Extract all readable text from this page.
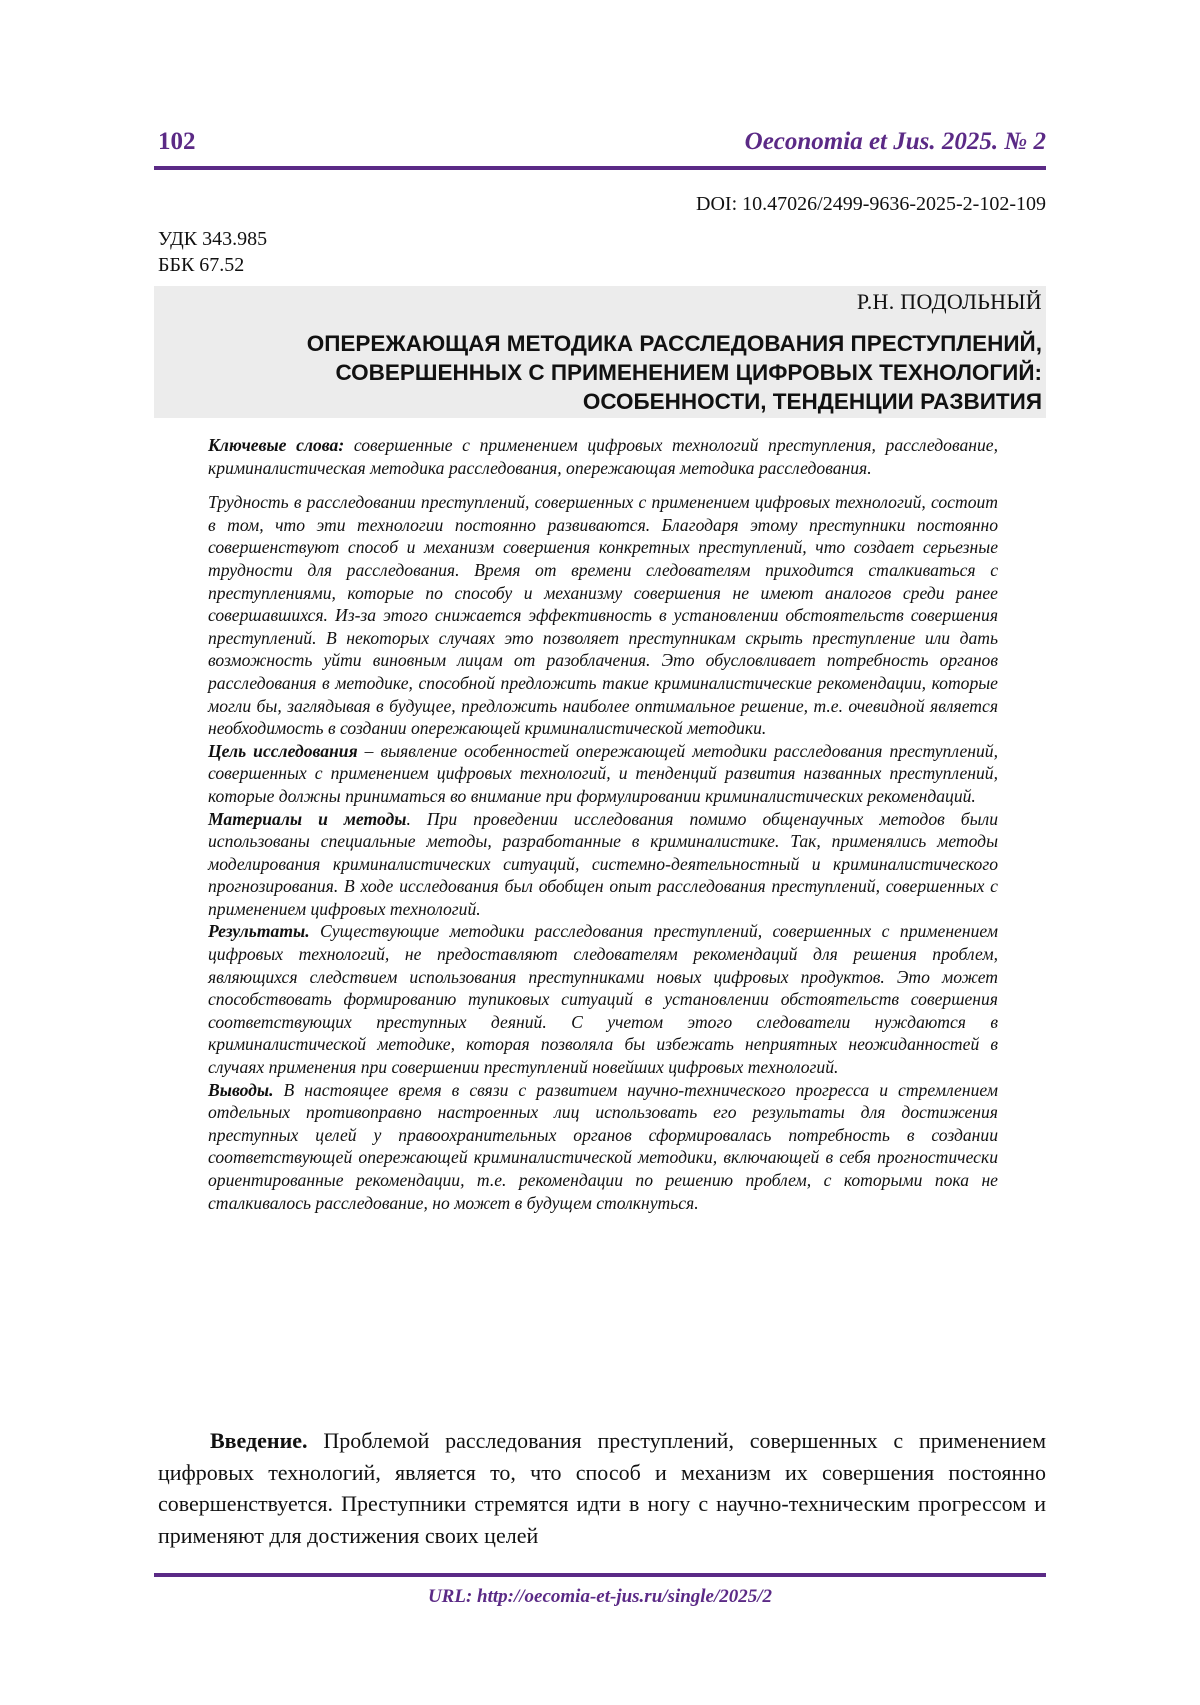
102	Oeconomia et Jus. 2025. № 2
DOI: 10.47026/2499-9636-2025-2-102-109
УДК 343.985
ББК 67.52
Р.Н. ПОДОЛЬНЫЙ
ОПЕРЕЖАЮЩАЯ МЕТОДИКА РАССЛЕДОВАНИЯ ПРЕСТУПЛЕНИЙ,
СОВЕРШЕННЫХ С ПРИМЕНЕНИЕМ ЦИФРОВЫХ ТЕХНОЛОГИЙ:
ОСОБЕННОСТИ, ТЕНДЕНЦИИ РАЗВИТИЯ

Ключевые слова: совершенные с применением цифровых технологий преступления, расследование, криминалистическая методика расследования, опережающая методика расследования.

Трудность в расследовании преступлений, совершенных с применением цифровых технологий, состоит в том, что эти технологии постоянно развиваются. Благодаря этому преступники постоянно совершенствуют способ и механизм совершения конкретных преступлений, что создает серьезные трудности для расследования. Время от времени следователям приходится сталкиваться с преступлениями, которые по способу и механизму совершения не имеют аналогов среди ранее совершавшихся. Из-за этого снижается эффективность в установлении обстоятельств совершения преступлений. В некоторых случаях это позволяет преступникам скрыть преступление или дать возможность уйти виновным лицам от разоблачения. Это обусловливает потребность органов расследования в методике, способной предложить такие криминалистические рекомендации, которые могли бы, заглядывая в будущее, предложить наиболее оптимальное решение, т.е. очевидной является необходимость в создании опережающей криминалистической методики.

Цель исследования – выявление особенностей опережающей методики расследования преступлений, совершенных с применением цифровых технологий, и тенденций развития названных преступлений, которые должны приниматься во внимание при формулировании криминалистических рекомендаций.

Материалы и методы. При проведении исследования помимо общенаучных методов были использованы специальные методы, разработанные в криминалистике. Так, применялись методы моделирования криминалистических ситуаций, системно-деятельностный и криминалистического прогнозирования. В ходе исследования был обобщен опыт расследования преступлений, совершенных с применением цифровых технологий.

Результаты. Существующие методики расследования преступлений, совершенных с применением цифровых технологий, не предоставляют следователям рекомендаций для решения проблем, являющихся следствием использования преступниками новых цифровых продуктов. Это может способствовать формированию тупиковых ситуаций в установлении обстоятельств совершения соответствующих преступных деяний. С учетом этого следователи нуждаются в криминалистической методике, которая позволяла бы избежать неприятных неожиданностей в случаях применения при совершении преступлений новейших цифровых технологий.

Выводы. В настоящее время в связи с развитием научно-технического прогресса и стремлением отдельных противоправно настроенных лиц использовать его результаты для достижения преступных целей у правоохранительных органов сформировалась потребность в создании соответствующей опережающей криминалистической методики, включающей в себя прогностически ориентированные рекомендации, т.е. рекомендации по решению проблем, с которыми пока не сталкивалось расследование, но может в будущем столкнуться.

Введение. Проблемой расследования преступлений, совершенных с применением цифровых технологий, является то, что способ и механизм их совершения постоянно совершенствуется. Преступники стремятся идти в ногу с научно-техническим прогрессом и применяют для достижения своих целей

URL: http://oecomia-et-jus.ru/single/2025/2
